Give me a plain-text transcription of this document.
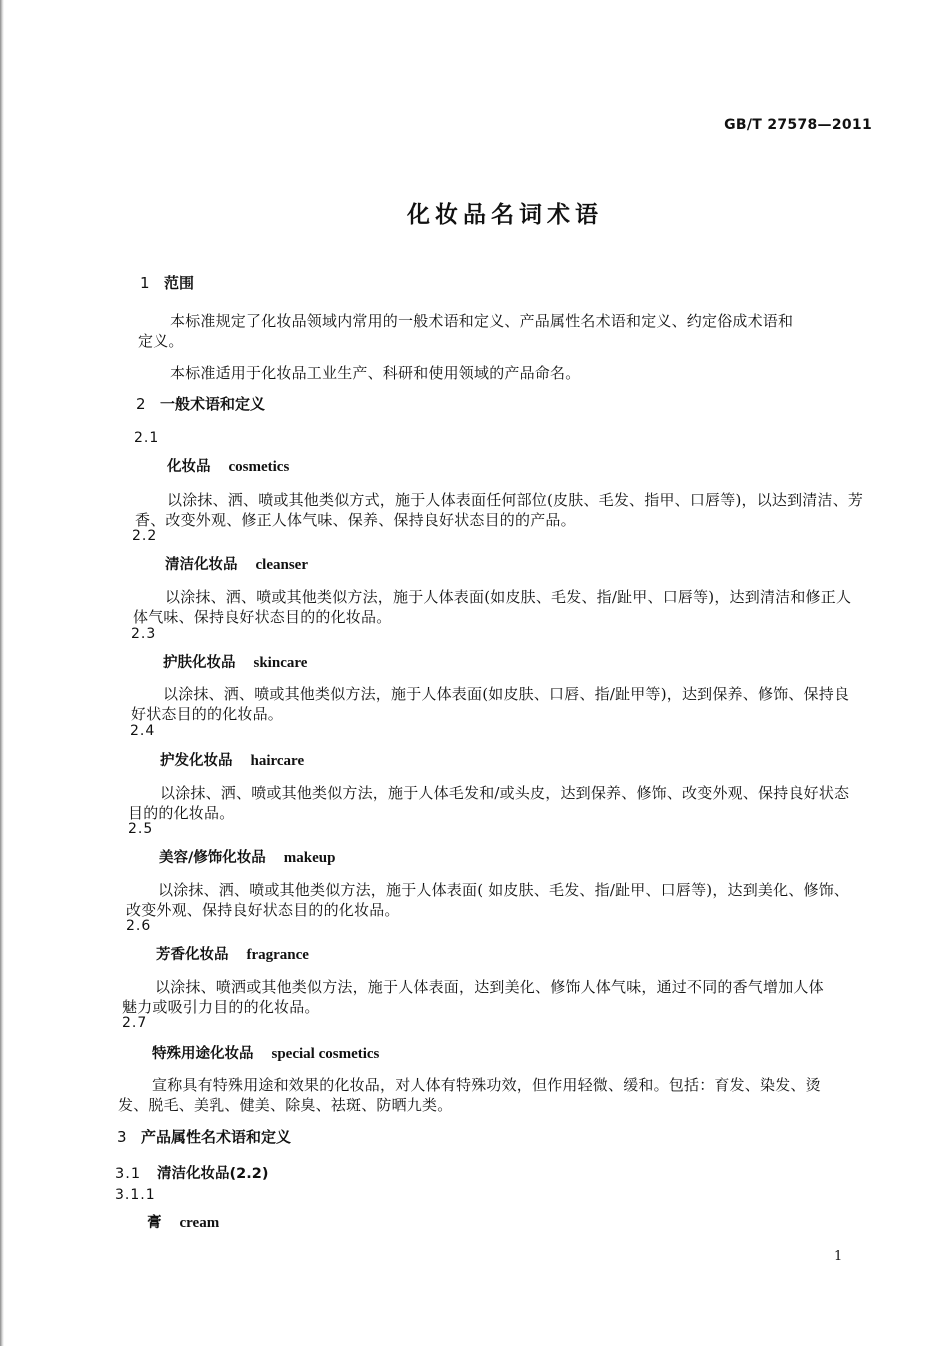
GB/T 27578—2011
化妆品名词术语
1 范围
本标准规定了化妆品领域内常用的一般术语和定义、产品属性名术语和定义、约定俗成术语和
定义。
本标准适用于化妆品工业生产、科研和使用领域的产品命名。
2 一般术语和定义
2.1
化妆品 cosmetics
以涂抹、洒、喷或其他类似方式，施于人体表面任何部位(皮肤、毛发、指甲、口唇等)，以达到清洁、芳
香、改变外观、修正人体气味、保养、保持良好状态目的的产品。
2.2
清洁化妆品 cleanser
以涂抹、洒、喷或其他类似方法，施于人体表面(如皮肤、毛发、指/趾甲、口唇等)，达到清洁和修正人
体气味、保持良好状态目的的化妆品。
2.3
护肤化妆品 skincare
以涂抹、洒、喷或其他类似方法，施于人体表面(如皮肤、口唇、指/趾甲等)，达到保养、修饰、保持良
好状态目的的化妆品。
2.4
护发化妆品 haircare
以涂抹、洒、喷或其他类似方法，施于人体毛发和/或头皮，达到保养、修饰、改变外观、保持良好状态
目的的化妆品。
2.5
美容/修饰化妆品 makeup
以涂抹、洒、喷或其他类似方法，施于人体表面( 如皮肤、毛发、指/趾甲、口唇等)，达到美化、修饰、
改变外观、保持良好状态目的的化妆品。
2.6
芳香化妆品 fragrance
以涂抹、喷洒或其他类似方法，施于人体表面，达到美化、修饰人体气味，通过不同的香气增加人体
魅力或吸引力目的的化妆品。
2.7
特殊用途化妆品 special cosmetics
宣称具有特殊用途和效果的化妆品，对人体有特殊功效，但作用轻微、缓和。包括：育发、染发、烫
发、脱毛、美乳、健美、除臭、祛斑、防晒九类。
3 产品属性名术语和定义
3.1 清洁化妆品(2.2)
3.1.1
膏 cream
1
